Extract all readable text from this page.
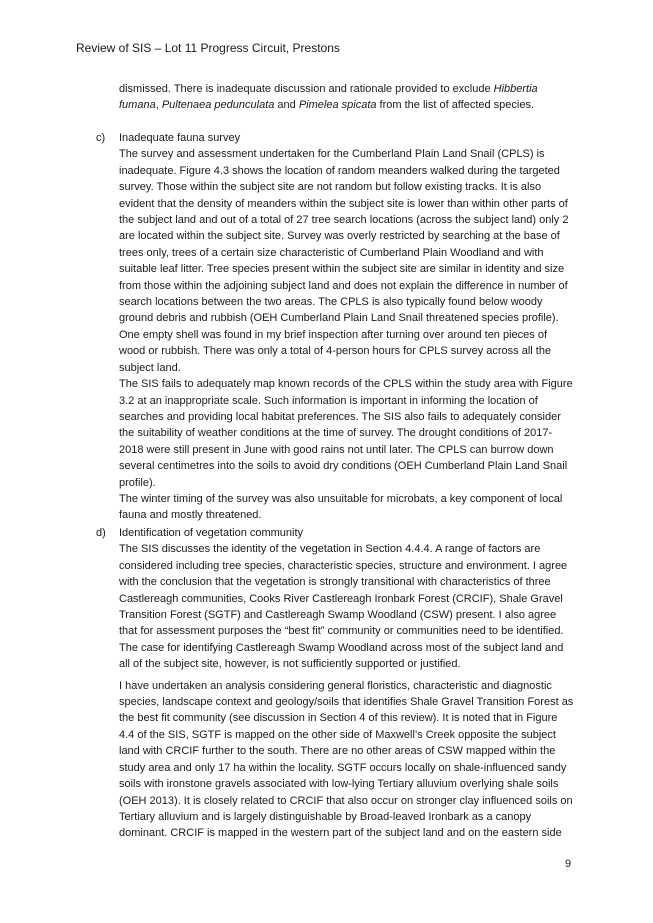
Review of SIS – Lot 11 Progress Circuit, Prestons
dismissed. There is inadequate discussion and rationale provided to exclude Hibbertia fumana, Pultenaea pedunculata and Pimelea spicata from the list of affected species.
c) Inadequate fauna survey

The survey and assessment undertaken for the Cumberland Plain Land Snail (CPLS) is inadequate. Figure 4.3 shows the location of random meanders walked during the targeted survey. Those within the subject site are not random but follow existing tracks. It is also evident that the density of meanders within the subject site is lower than within other parts of the subject land and out of a total of 27 tree search locations (across the subject land) only 2 are located within the subject site. Survey was overly restricted by searching at the base of trees only, trees of a certain size characteristic of Cumberland Plain Woodland and with suitable leaf litter. Tree species present within the subject site are similar in identity and size from those within the adjoining subject land and does not explain the difference in number of search locations between the two areas. The CPLS is also typically found below woody ground debris and rubbish (OEH Cumberland Plain Land Snail threatened species profile). One empty shell was found in my brief inspection after turning over around ten pieces of wood or rubbish. There was only a total of 4-person hours for CPLS survey across all the subject land.

The SIS fails to adequately map known records of the CPLS within the study area with Figure 3.2 at an inappropriate scale. Such information is important in informing the location of searches and providing local habitat preferences. The SIS also fails to adequately consider the suitability of weather conditions at the time of survey. The drought conditions of 2017-2018 were still present in June with good rains not until later. The CPLS can burrow down several centimetres into the soils to avoid dry conditions (OEH Cumberland Plain Land Snail profile).

The winter timing of the survey was also unsuitable for microbats, a key component of local fauna and mostly threatened.

d) Identification of vegetation community

The SIS discusses the identity of the vegetation in Section 4.4.4. A range of factors are considered including tree species, characteristic species, structure and environment. I agree with the conclusion that the vegetation is strongly transitional with characteristics of three Castlereagh communities, Cooks River Castlereagh Ironbark Forest (CRCIF), Shale Gravel Transition Forest (SGTF) and Castlereagh Swamp Woodland (CSW) present. I also agree that for assessment purposes the “best fit” community or communities need to be identified. The case for identifying Castlereagh Swamp Woodland across most of the subject land and all of the subject site, however, is not sufficiently supported or justified.

I have undertaken an analysis considering general floristics, characteristic and diagnostic species, landscape context and geology/soils that identifies Shale Gravel Transition Forest as the best fit community (see discussion in Section 4 of this review). It is noted that in Figure 4.4 of the SIS, SGTF is mapped on the other side of Maxwell’s Creek opposite the subject land with CRCIF further to the south. There are no other areas of CSW mapped within the study area and only 17 ha within the locality. SGTF occurs locally on shale-influenced sandy soils with ironstone gravels associated with low-lying Tertiary alluvium overlying shale soils (OEH 2013). It is closely related to CRCIF that also occur on stronger clay influenced soils on Tertiary alluvium and is largely distinguishable by Broad-leaved Ironbark as a canopy dominant. CRCIF is mapped in the western part of the subject land and on the eastern side

9
